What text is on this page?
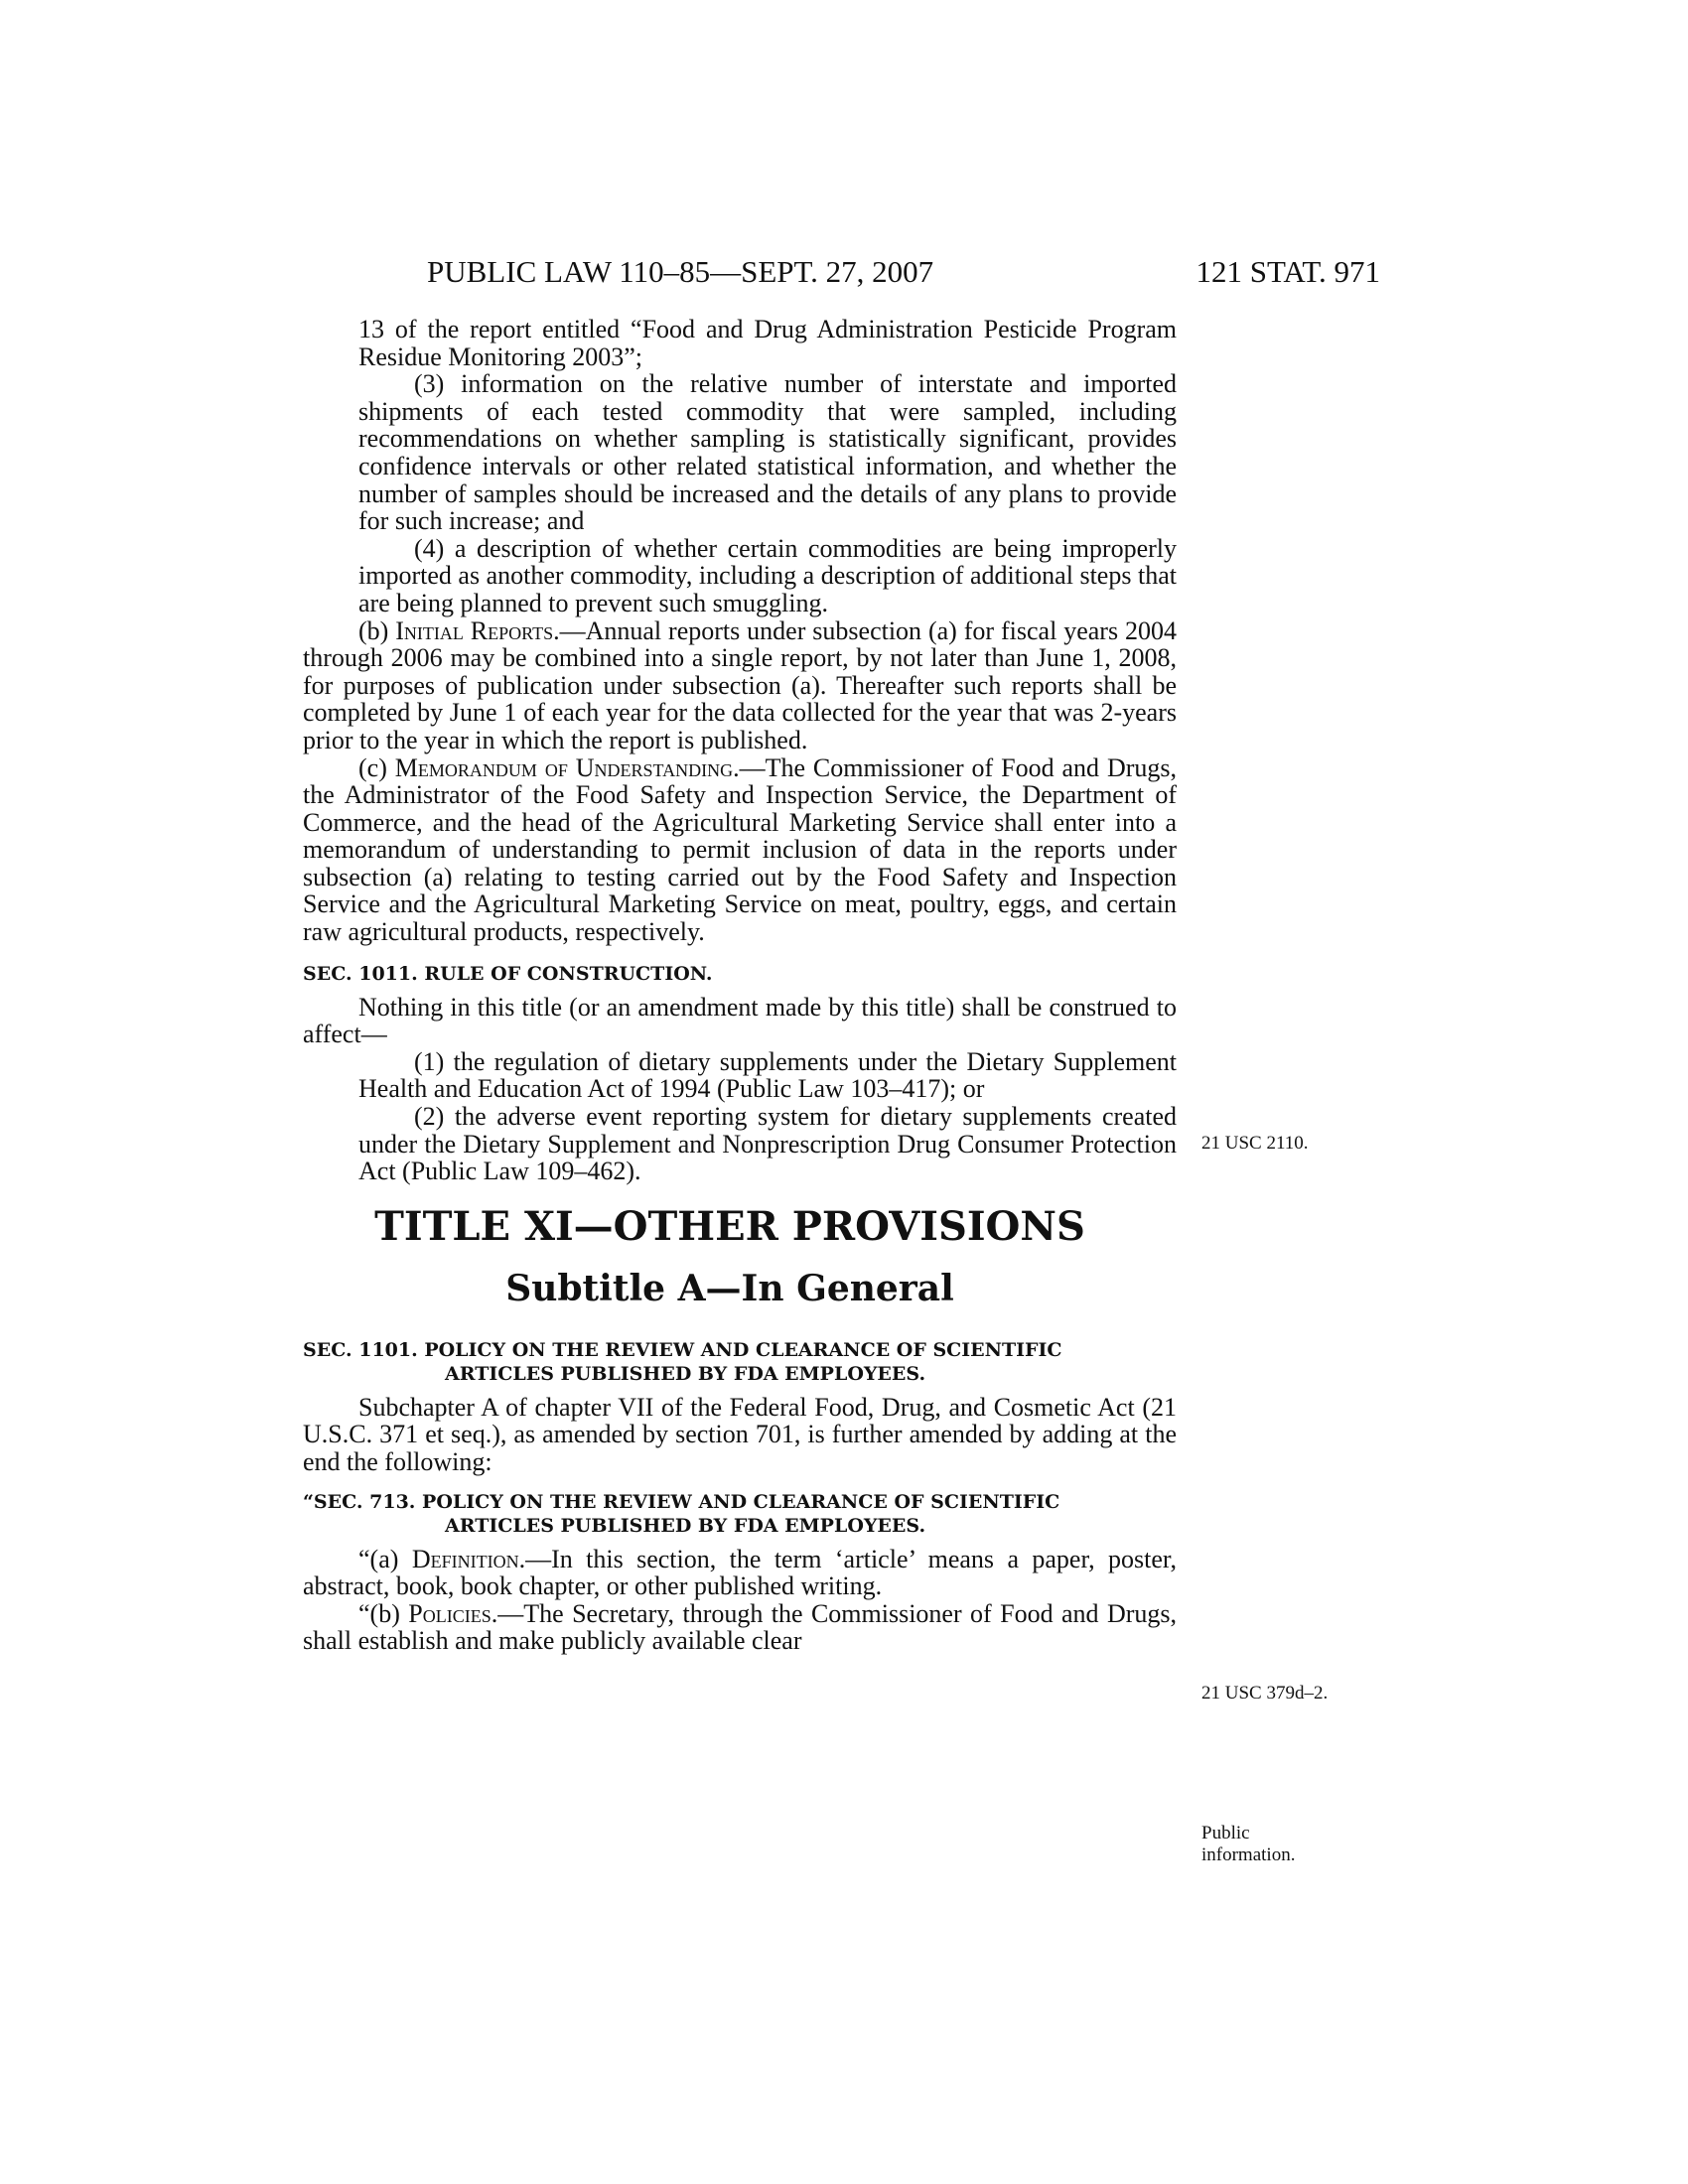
PUBLIC LAW 110–85—SEPT. 27, 2007	121 STAT. 971

13 of the report entitled “Food and Drug Administration Pesticide Program Residue Monitoring 2003”;

(3) information on the relative number of interstate and imported shipments of each tested commodity that were sampled, including recommendations on whether sampling is statistically significant, provides confidence intervals or other related statistical information, and whether the number of samples should be increased and the details of any plans to provide for such increase; and

(4) a description of whether certain commodities are being improperly imported as another commodity, including a description of additional steps that are being planned to prevent such smuggling.

(b) Initial Reports.—Annual reports under subsection (a) for fiscal years 2004 through 2006 may be combined into a single report, by not later than June 1, 2008, for purposes of publication under subsection (a). Thereafter such reports shall be completed by June 1 of each year for the data collected for the year that was 2-years prior to the year in which the report is published.

(c) Memorandum of Understanding.—The Commissioner of Food and Drugs, the Administrator of the Food Safety and Inspection Service, the Department of Commerce, and the head of the Agricultural Marketing Service shall enter into a memorandum of understanding to permit inclusion of data in the reports under subsection (a) relating to testing carried out by the Food Safety and Inspection Service and the Agricultural Marketing Service on meat, poultry, eggs, and certain raw agricultural products, respectively.

SEC. 1011. RULE OF CONSTRUCTION.

Nothing in this title (or an amendment made by this title) shall be construed to affect—

(1) the regulation of dietary supplements under the Dietary Supplement Health and Education Act of 1994 (Public Law 103–417); or

(2) the adverse event reporting system for dietary supplements created under the Dietary Supplement and Nonprescription Drug Consumer Protection Act (Public Law 109–462).

TITLE XI—OTHER PROVISIONS
Subtitle A—In General
SEC. 1101. POLICY ON THE REVIEW AND CLEARANCE OF SCIENTIFIC
ARTICLES PUBLISHED BY FDA EMPLOYEES.

Subchapter A of chapter VII of the Federal Food, Drug, and Cosmetic Act (21 U.S.C. 371 et seq.), as amended by section 701, is further amended by adding at the end the following:

“SEC. 713. POLICY ON THE REVIEW AND CLEARANCE OF SCIENTIFIC
ARTICLES PUBLISHED BY FDA EMPLOYEES.

“(a) Definition.—In this section, the term ‘article’ means a paper, poster, abstract, book, book chapter, or other published writing.

“(b) Policies.—The Secretary, through the Commissioner of Food and Drugs, shall establish and make publicly available clear

21 USC 2110.
21 USC 379d–2.
Public
information.
